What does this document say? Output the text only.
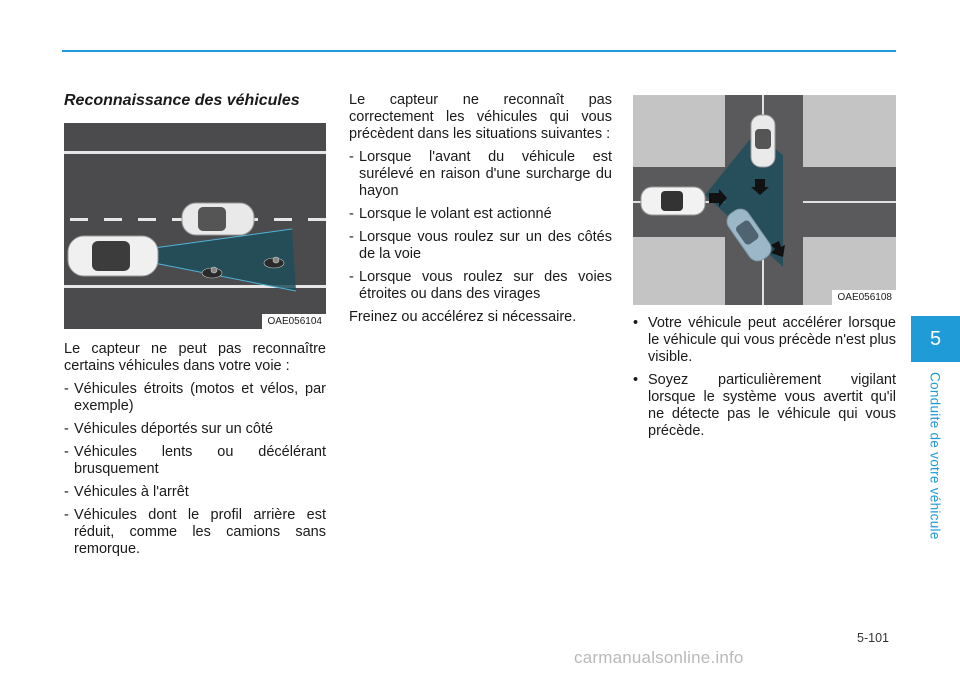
Reconnaissance des véhicules
OAE056104

Le capteur ne peut pas reconnaître certains véhicules dans votre voie :

- Véhicules étroits (motos et vélos, par exemple)
- Véhicules déportés sur un côté
- Véhicules lents ou décélérant brusquement
- Véhicules à l'arrêt
- Véhicules dont le profil arrière est réduit, comme les camions sans remorque.

Le capteur ne reconnaît pas correctement les véhicules qui vous précèdent dans les situations suivantes :

- Lorsque l'avant du véhicule est surélevé en raison d'une surcharge du hayon
- Lorsque le volant est actionné
- Lorsque vous roulez sur un des côtés de la voie
- Lorsque vous roulez sur des voies étroites ou dans des virages

Freinez ou accélérez si nécessaire.

OAE056108
• Votre véhicule peut accélérer lorsque le véhicule qui vous précède n'est plus visible.
• Soyez particulièrement vigilant lorsque le système vous avertit qu'il ne détecte pas le véhicule qui vous précède.
5
Conduite de votre véhicule
5-101
carmanualsonline.info
